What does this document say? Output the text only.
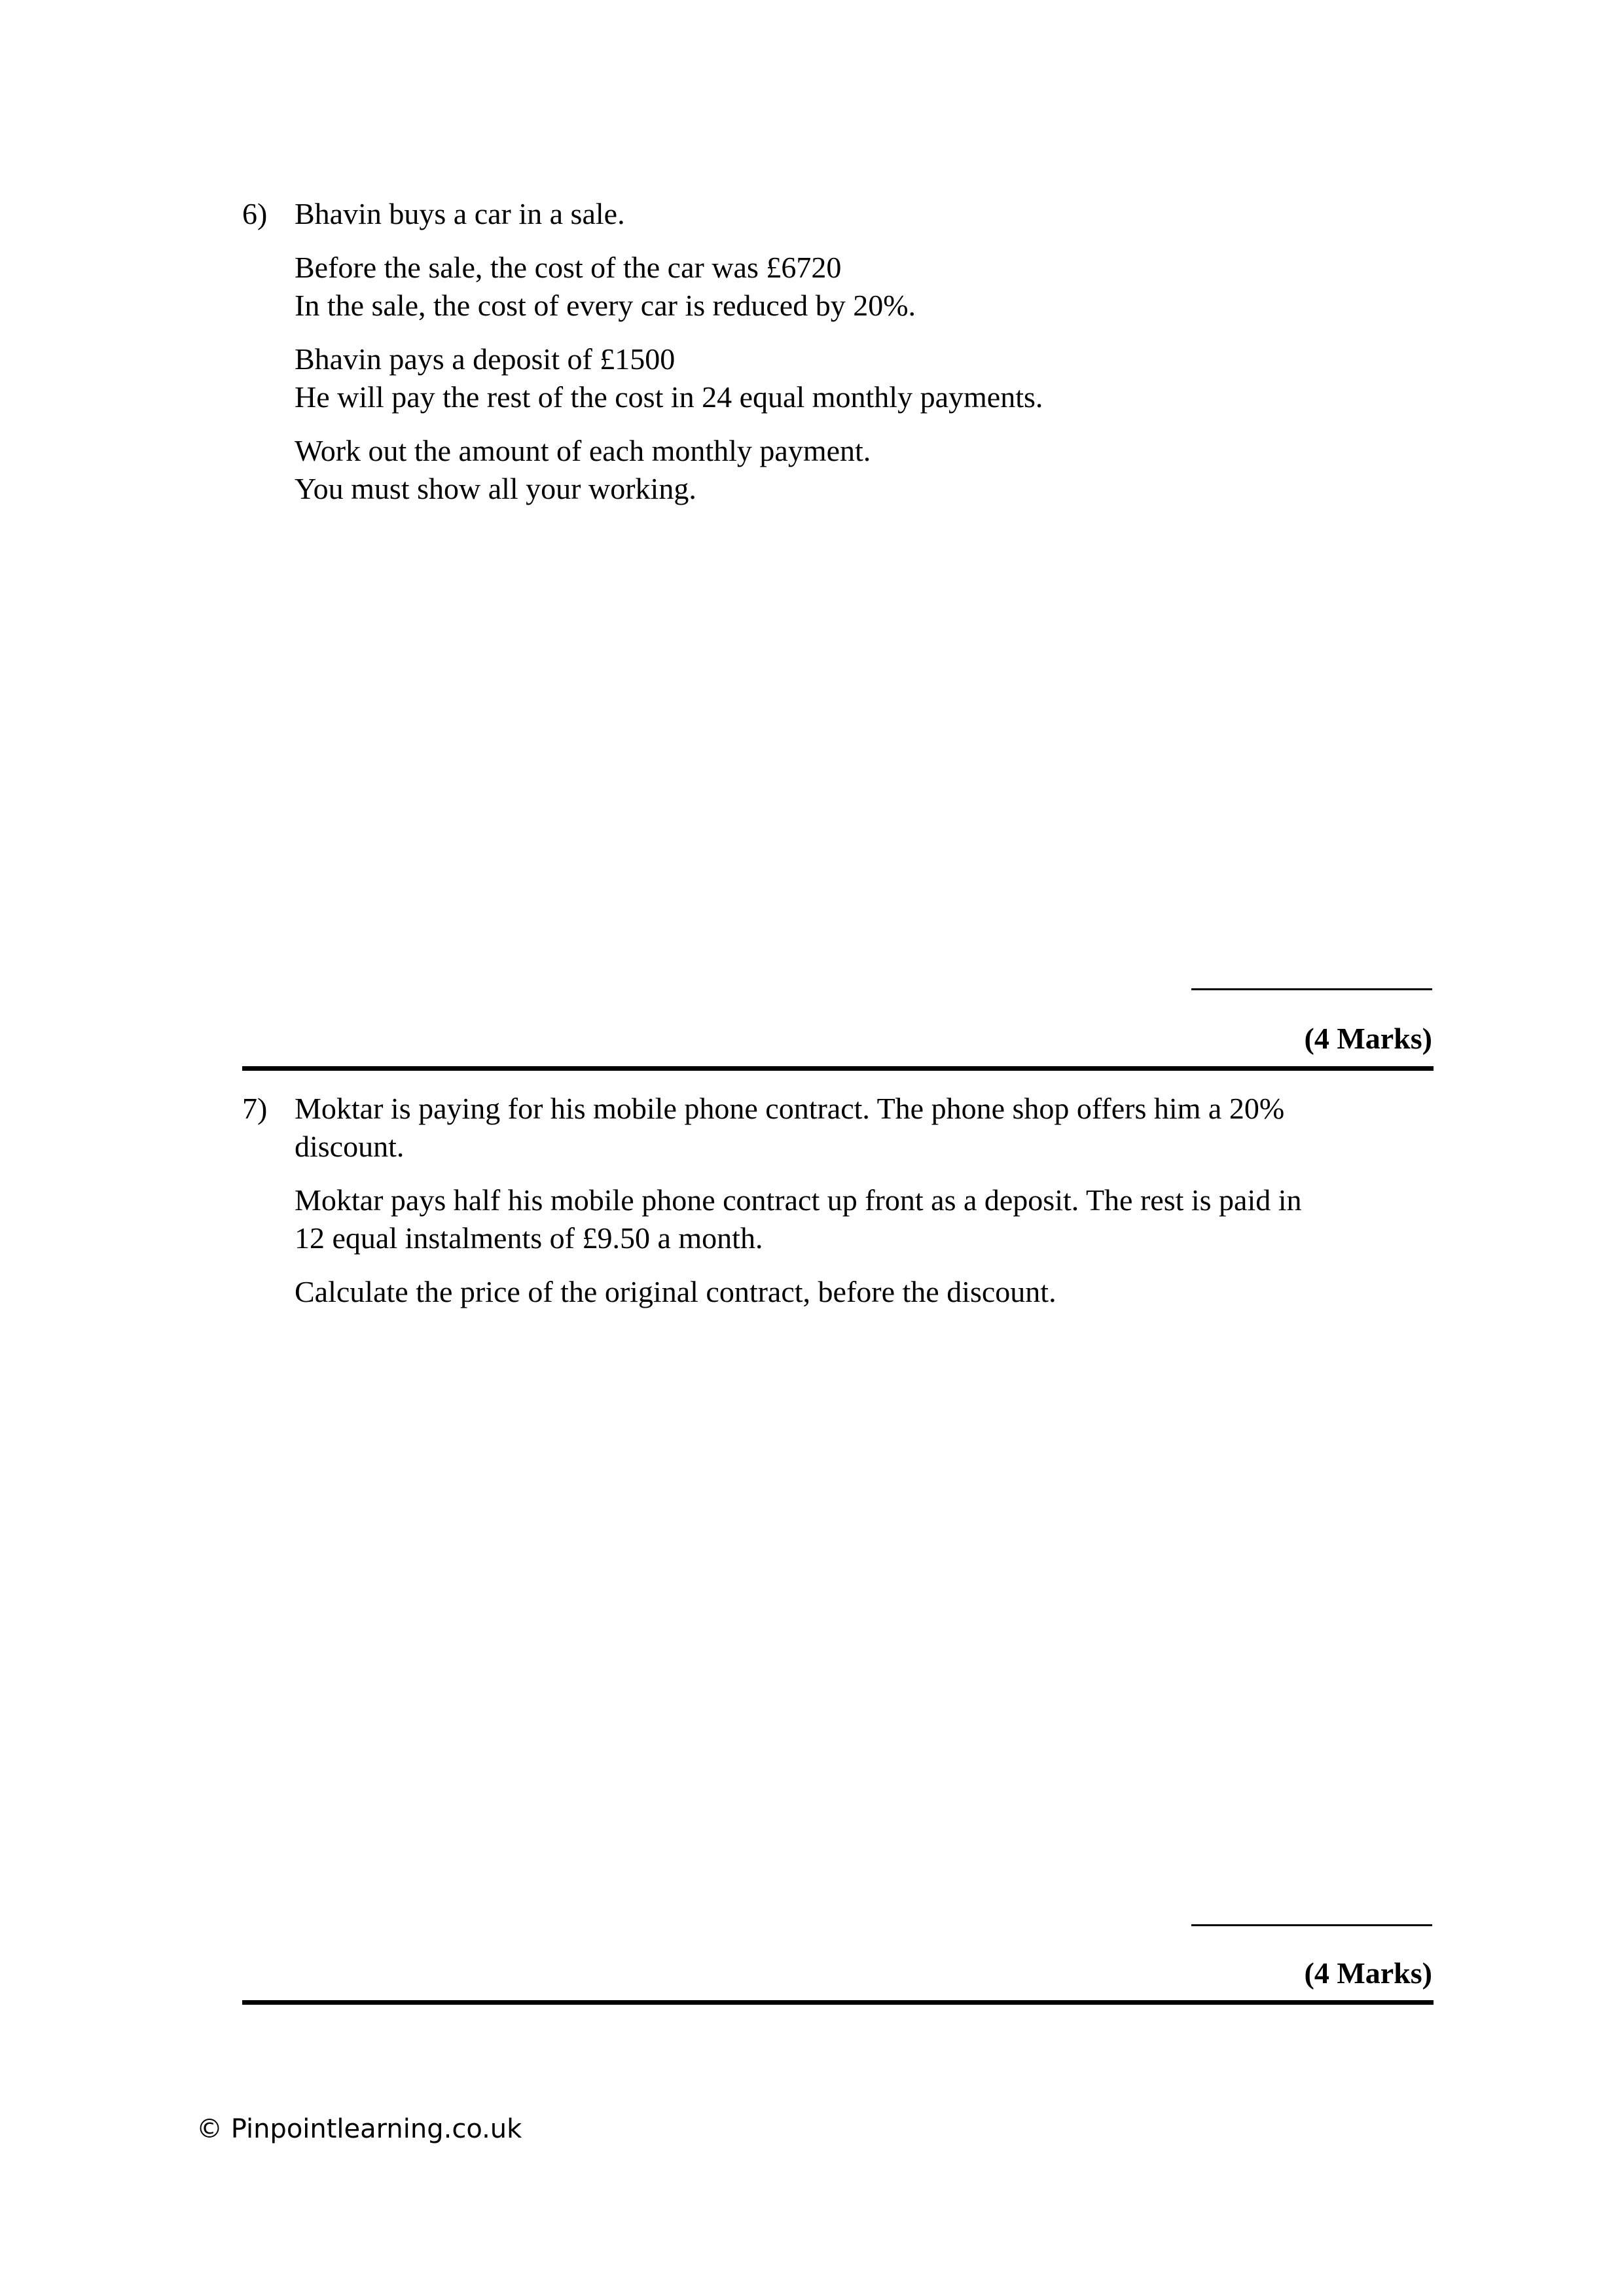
6) Bhavin buys a car in a sale.

Before the sale, the cost of the car was £6720
In the sale, the cost of every car is reduced by 20%.

Bhavin pays a deposit of £1500
He will pay the rest of the cost in 24 equal monthly payments.

Work out the amount of each monthly payment.
You must show all your working.

(4 Marks)
7) Moktar is paying for his mobile phone contract. The phone shop offers him a 20%
discount.

Moktar pays half his mobile phone contract up front as a deposit. The rest is paid in
12 equal instalments of £9.50 a month.

Calculate the price of the original contract, before the discount.

(4 Marks)
© Pinpointlearning.co.uk
